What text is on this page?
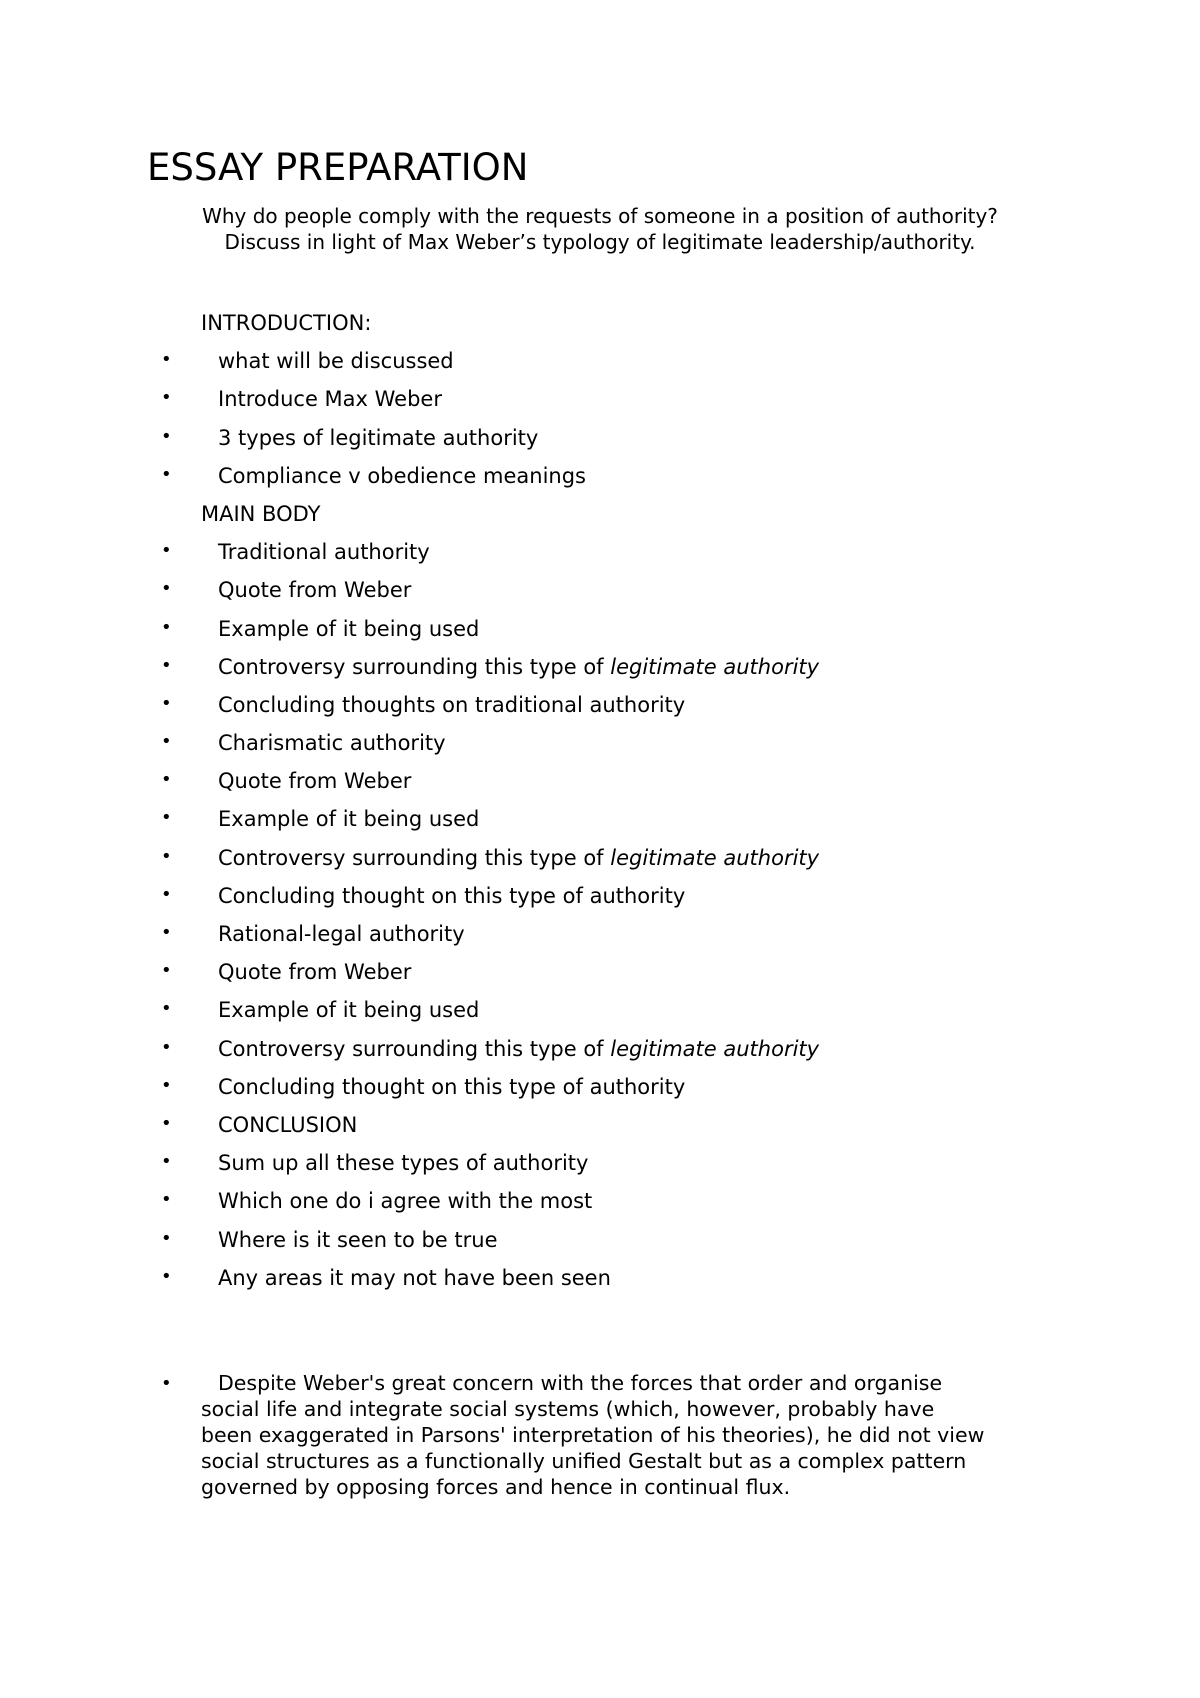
ESSAY PREPARATION

Why do people comply with the requests of someone in a position of authority?

Discuss in light of Max Weber’s typology of legitimate leadership/authority.

INTRODUCTION:
• what will be discussed
• Introduce Max Weber
• 3 types of legitimate authority
• Compliance v obedience meanings
MAIN BODY
• Traditional authority
• Quote from Weber
• Example of it being used
• Controversy surrounding this type of legitimate authority
• Concluding thoughts on traditional authority
• Charismatic authority
• Quote from Weber
• Example of it being used
• Controversy surrounding this type of legitimate authority
• Concluding thought on this type of authority
• Rational-legal authority
• Quote from Weber
• Example of it being used
• Controversy surrounding this type of legitimate authority
• Concluding thought on this type of authority
• CONCLUSION
• Sum up all these types of authority
• Which one do i agree with the most
• Where is it seen to be true
• Any areas it may not have been seen
• Despite Weber's great concern with the forces that order and organise
social life and integrate social systems (which, however, probably have
been exaggerated in Parsons' interpretation of his theories), he did not view
social structures as a functionally unified Gestalt but as a complex pattern
governed by opposing forces and hence in continual flux.
